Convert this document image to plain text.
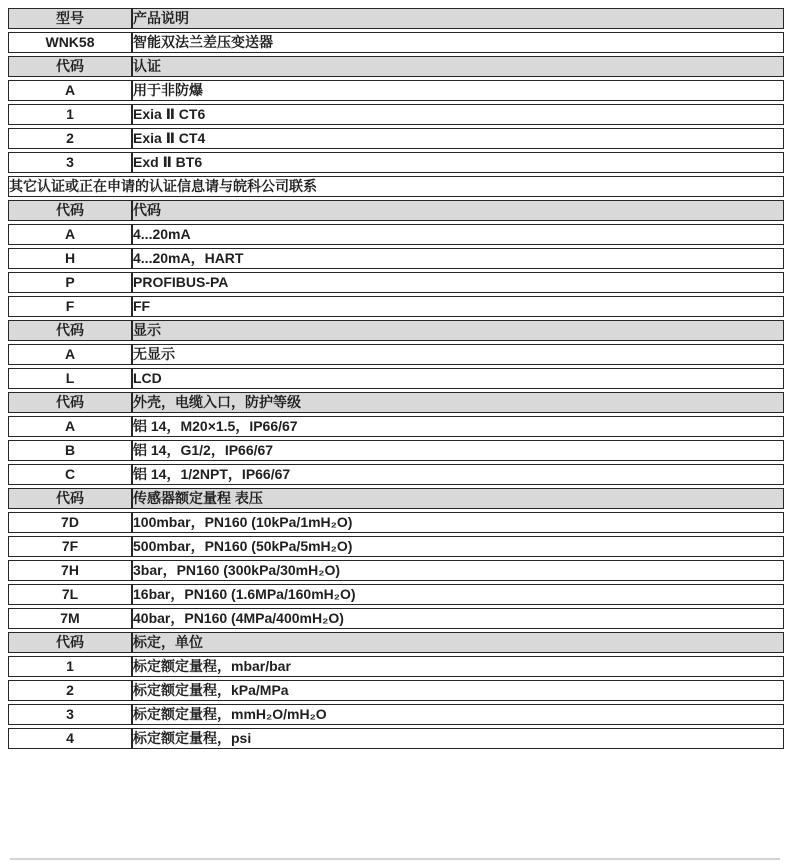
型号	产品说明
WNK58	智能双法兰差压变送器
代码	认证
A	用于非防爆
1	Exia Ⅱ CT6
2	Exia Ⅱ CT4
3	Exd Ⅱ BT6
其它认证或正在申请的认证信息请与皖科公司联系	
代码	代码
A	4...20mA
H	4...20mA，HART
P	PROFIBUS-PA
F	FF
代码	显示
A	无显示
L	LCD
代码	外壳，电缆入口，防护等级
A	铝 14，M20×1.5，IP66/67
B	铝 14，G1/2，IP66/67
C	铝 14，1/2NPT，IP66/67
代码	传感器额定量程 表压
7D	100mbar，PN160 (10kPa/1mH₂O)
7F	500mbar，PN160 (50kPa/5mH₂O)
7H	3bar，PN160 (300kPa/30mH₂O)
7L	16bar，PN160 (1.6MPa/160mH₂O)
7M	40bar，PN160 (4MPa/400mH₂O)
代码	标定，单位
1	标定额定量程，mbar/bar
2	标定额定量程，kPa/MPa
3	标定额定量程，mmH₂O/mH₂O
4	标定额定量程，psi
